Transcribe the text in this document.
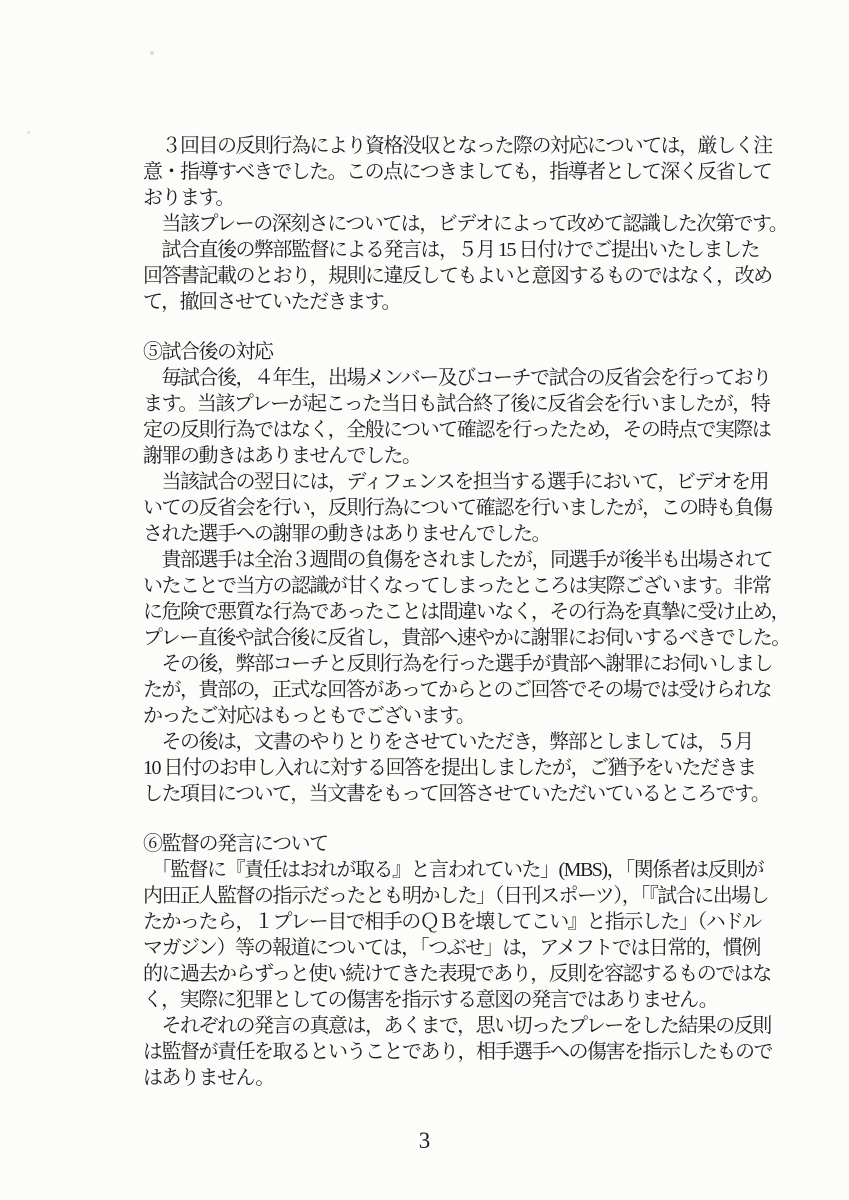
　３回目の反則行為により資格没収となった際の対応については，厳しく注
意・指導すべきでした。この点につきましても，指導者として深く反省して
おります。
　当該プレーの深刻さについては，ビデオによって改めて認識した次第です。
　試合直後の弊部監督による発言は，５月 15 日付けでご提出いたしました
回答書記載のとおり，規則に違反してもよいと意図するものではなく，改め
て，撤回させていただきます。
⑤試合後の対応
　毎試合後，４年生，出場メンバー及びコーチで試合の反省会を行っており
ます。当該プレーが起こった当日も試合終了後に反省会を行いましたが，特
定の反則行為ではなく，全般について確認を行ったため，その時点で実際は
謝罪の動きはありませんでした。
　当該試合の翌日には，ディフェンスを担当する選手において，ビデオを用
いての反省会を行い，反則行為について確認を行いましたが，この時も負傷
された選手への謝罪の動きはありませんでした。
　貴部選手は全治３週間の負傷をされましたが，同選手が後半も出場されて
いたことで当方の認識が甘くなってしまったところは実際ございます。非常
に危険で悪質な行為であったことは間違いなく，その行為を真摯に受け止め，
プレー直後や試合後に反省し，貴部へ速やかに謝罪にお伺いするべきでした。
　その後，弊部コーチと反則行為を行った選手が貴部へ謝罪にお伺いしまし
たが，貴部の，正式な回答があってからとのご回答でその場では受けられな
かったご対応はもっともでございます。
　その後は，文書のやりとりをさせていただき，弊部としましては，５月
10 日付のお申し入れに対する回答を提出しましたが，ご猶予をいただきま
した項目について，当文書をもって回答させていただいているところです。
⑥監督の発言について
　「監督に『責任はおれが取る』と言われていた」(MBS)，「関係者は反則が
内田正人監督の指示だったとも明かした」（日刊スポーツ），「『試合に出場し
たかったら，１プレー目で相手のＱＢを壊してこい』と指示した」（ハドル
マガジン）等の報道については，「つぶせ」は，アメフトでは日常的，慣例
的に過去からずっと使い続けてきた表現であり，反則を容認するものではな
く，実際に犯罪としての傷害を指示する意図の発言ではありません。
　それぞれの発言の真意は，あくまで，思い切ったプレーをした結果の反則
は監督が責任を取るということであり，相手選手への傷害を指示したもので
はありません。
3
